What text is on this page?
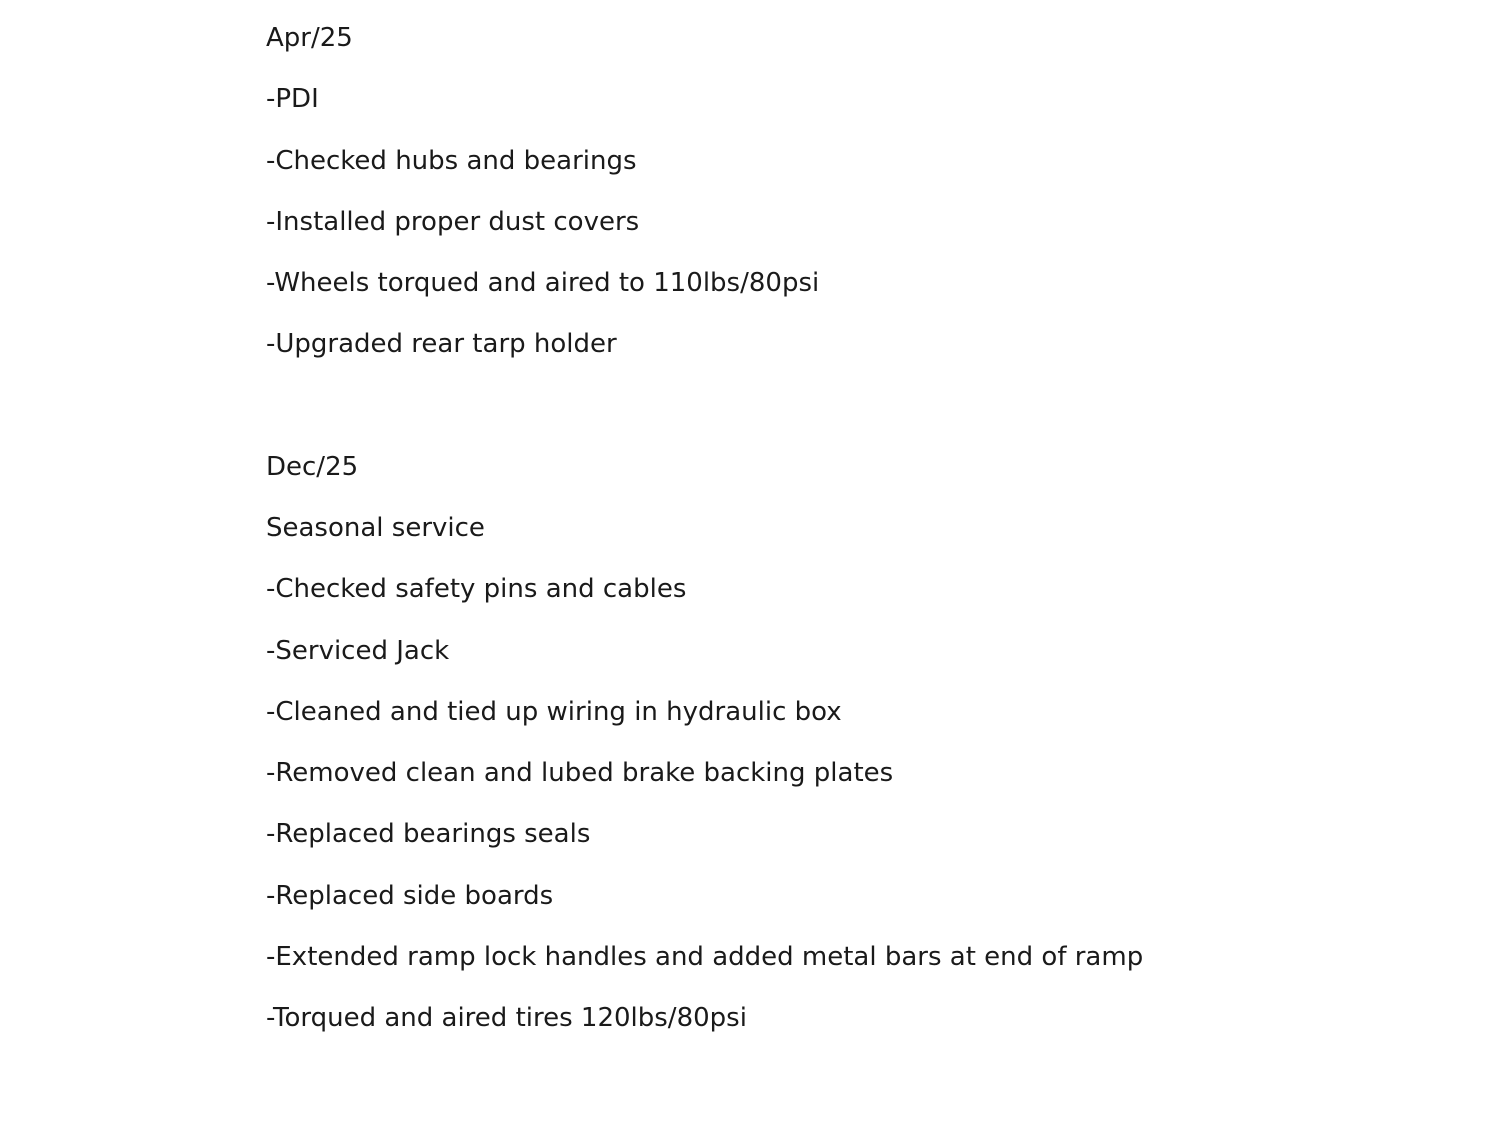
Apr/25
-PDI
-Checked hubs and bearings
-Installed proper dust covers
-Wheels torqued and aired to 110lbs/80psi
-Upgraded rear tarp holder
Dec/25
Seasonal service
-Checked safety pins and cables
-Serviced Jack
-Cleaned and tied up wiring in hydraulic box
-Removed clean and lubed brake backing plates
-Replaced bearings seals
-Replaced side boards
-Extended ramp lock handles and added metal bars at end of ramp
-Torqued and aired tires 120lbs/80psi
